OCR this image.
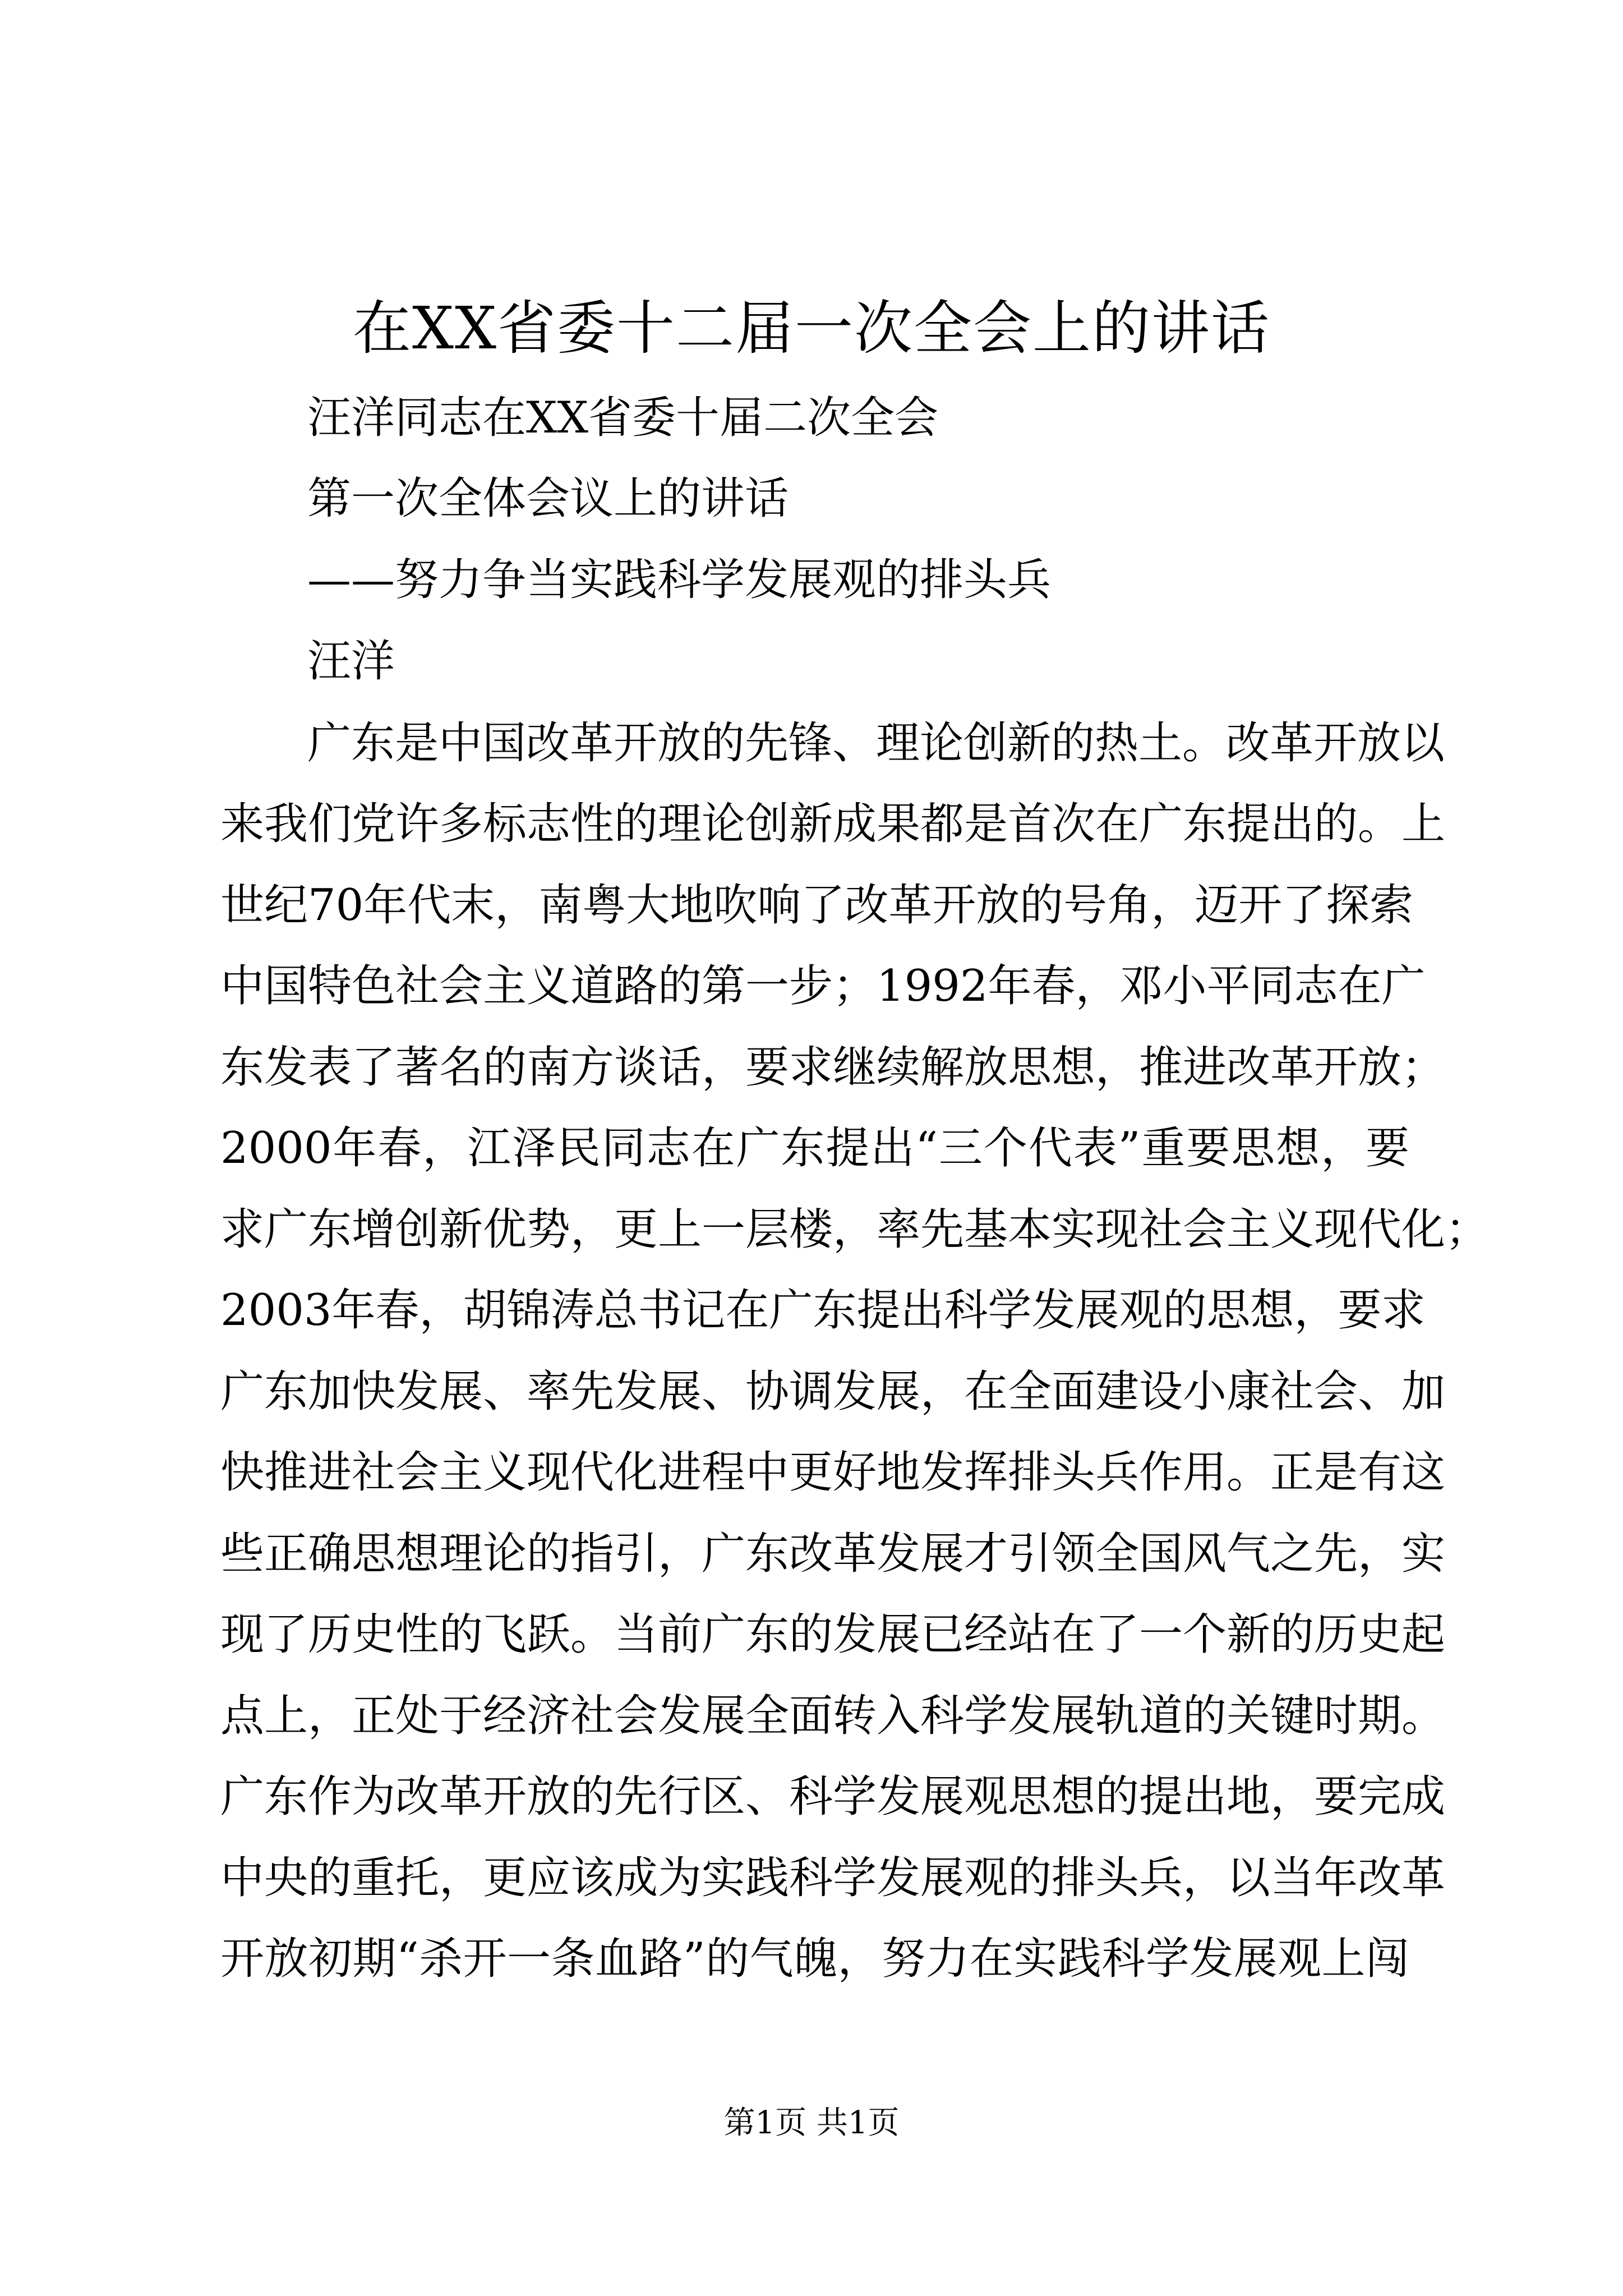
在XX省委十二届一次全会上的讲话

汪洋同志在XX省委十届二次全会

第一次全体会议上的讲话

——努力争当实践科学发展观的排头兵

汪洋

广东是中国改革开放的先锋、理论创新的热土。改革开放以

来我们党许多标志性的理论创新成果都是首次在广东提出的。上

世纪70年代末，南粤大地吹响了改革开放的号角，迈开了探索

中国特色社会主义道路的第一步；1992年春，邓小平同志在广

东发表了著名的南方谈话，要求继续解放思想，推进改革开放；

2000年春，江泽民同志在广东提出“三个代表”重要思想，要

求广东增创新优势，更上一层楼，率先基本实现社会主义现代化；

2003年春，胡锦涛总书记在广东提出科学发展观的思想，要求

广东加快发展、率先发展、协调发展，在全面建设小康社会、加

快推进社会主义现代化进程中更好地发挥排头兵作用。正是有这

些正确思想理论的指引，广东改革发展才引领全国风气之先，实

现了历史性的飞跃。当前广东的发展已经站在了一个新的历史起

点上，正处于经济社会发展全面转入科学发展轨道的关键时期。

广东作为改革开放的先行区、科学发展观思想的提出地，要完成

中央的重托，更应该成为实践科学发展观的排头兵，以当年改革

开放初期“杀开一条血路”的气魄，努力在实践科学发展观上闯

第1页 共1页
